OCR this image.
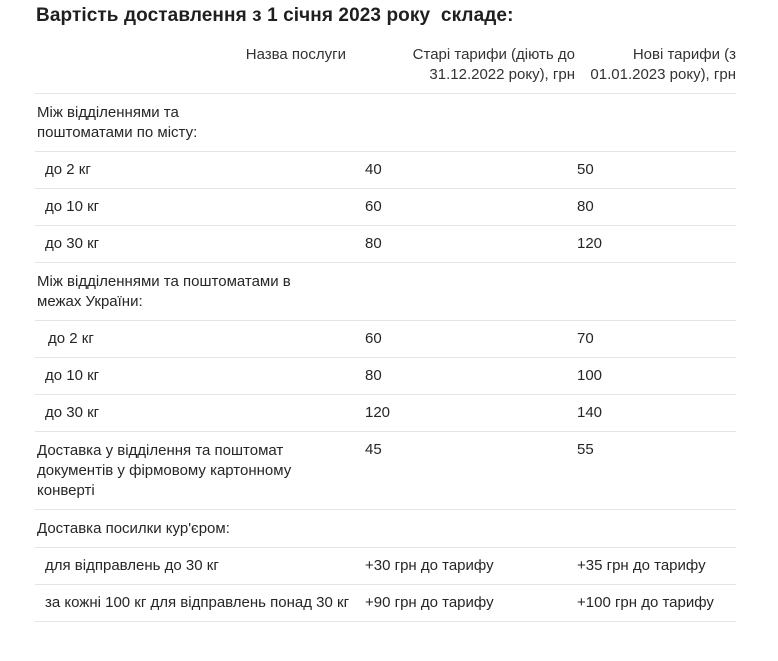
Вартість доставлення з 1 січня 2023 року  складе:
Назва послуги	Старі тарифи (діють до 31.12.2022 року), грн	Нові тарифи (з 01.01.2023 року), грн
Між відділеннями та поштоматами по місту:		
до 2 кг	40	50
до 10 кг	60	80
до 30 кг	80	120
Між відділеннями та поштоматами в межах України:		
до 2 кг	60	70
до 10 кг	80	100
до 30 кг	120	140
Доставка у відділення та поштомат документів у фірмовому картонному конверті	45	55
Доставка посилки кур'єром:		
для відправлень до 30 кг	+30 грн до тарифу	+35 грн до тарифу
за кожні 100 кг для відправлень понад 30 кг	+90 грн до тарифу	+100 грн до тарифу
